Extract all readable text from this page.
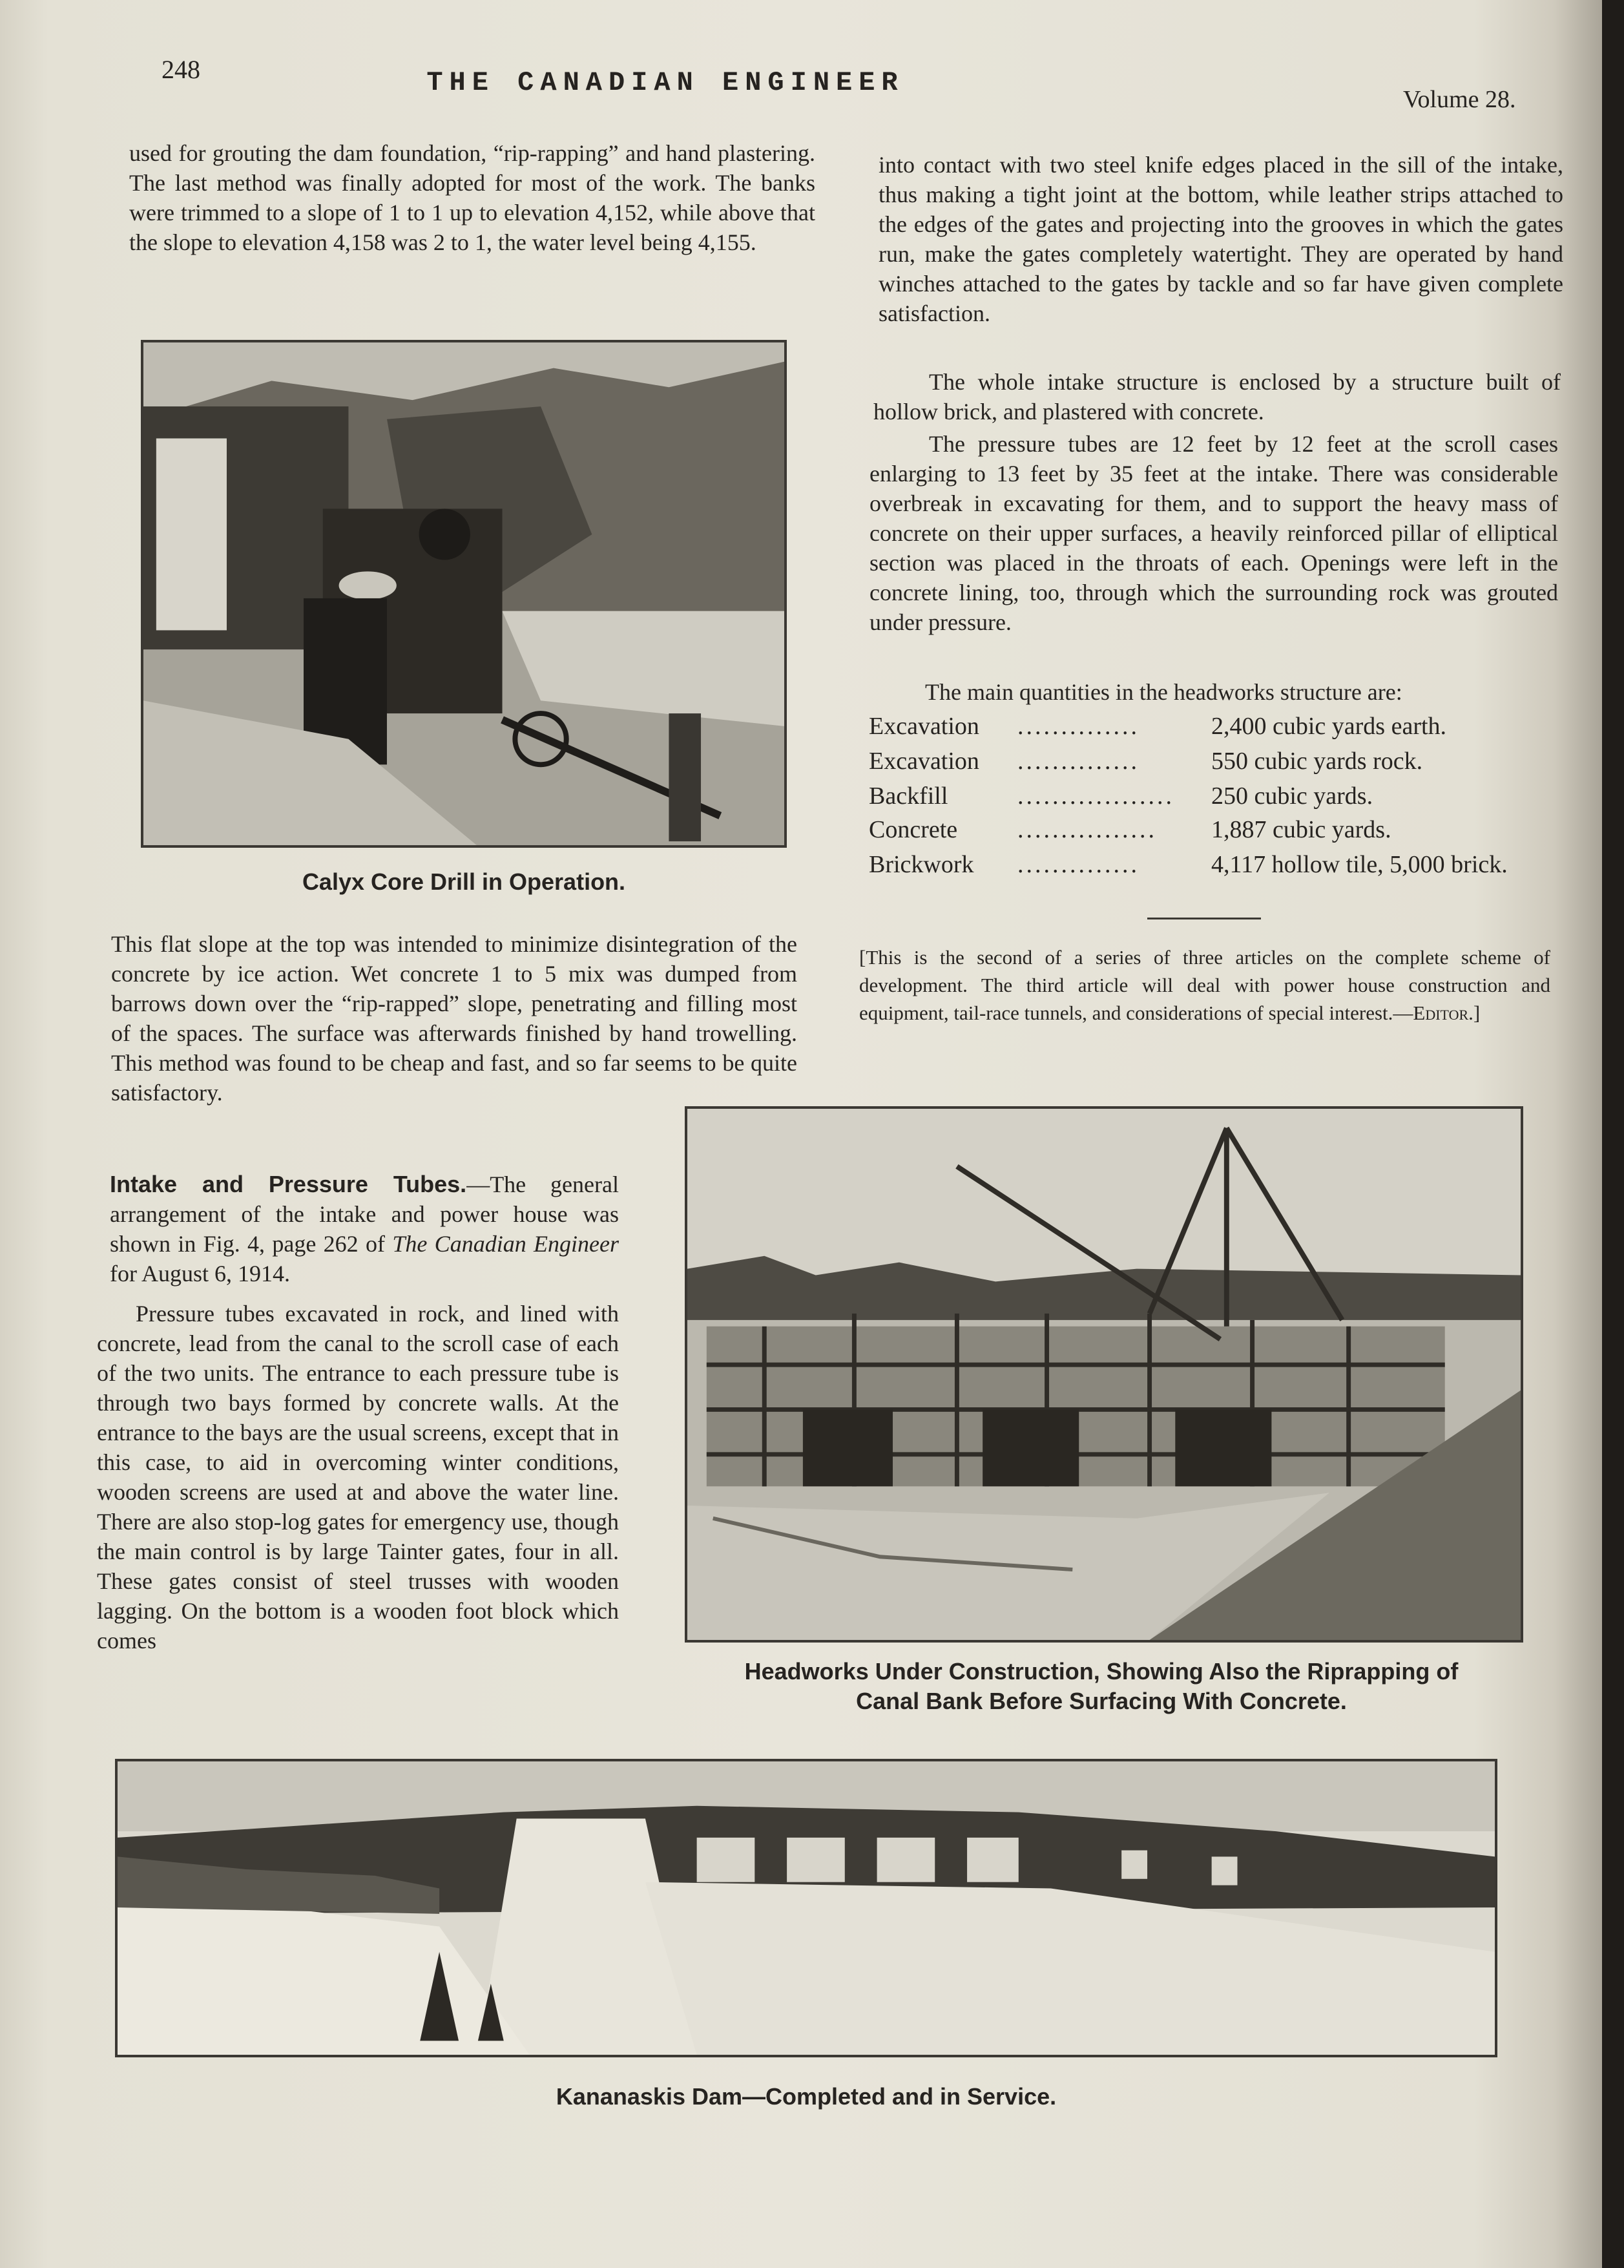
248	THE CANADIAN ENGINEER
Volume 28.

used for grouting the dam foundation, “rip-rapping” and hand plastering. The last method was finally adopted for most of the work. The banks were trimmed to a slope of 1 to 1 up to elevation 4,152, while above that the slope to elevation 4,158 was 2 to 1, the water level being 4,155.

Calyx Core Drill in Operation.

This flat slope at the top was intended to minimize disintegration of the concrete by ice action. Wet concrete 1 to 5 mix was dumped from barrows down over the “rip-rapped” slope, penetrating and filling most of the spaces. The surface was afterwards finished by hand trowelling. This method was found to be cheap and fast, and so far seems to be quite satisfactory.

Intake and Pressure Tubes.—The general arrangement of the intake and power house was shown in Fig. 4, page 262 of The Canadian Engineer for August 6, 1914.

Pressure tubes excavated in rock, and lined with concrete, lead from the canal to the scroll case of each of the two units. The entrance to each pressure tube is through two bays formed by concrete walls. At the entrance to the bays are the usual screens, except that in this case, to aid in overcoming winter conditions, wooden screens are used at and above the water line. There are also stop-log gates for emergency use, though the main control is by large Tainter gates, four in all. These gates consist of steel trusses with wooden lagging. On the bottom is a wooden foot block which comes

into contact with two steel knife edges placed in the sill of the intake, thus making a tight joint at the bottom, while leather strips attached to the edges of the gates and projecting into the grooves in which the gates run, make the gates completely watertight. They are operated by hand winches attached to the gates by tackle and so far have given complete satisfaction.

The whole intake structure is enclosed by a structure built of hollow brick, and plastered with concrete.

The pressure tubes are 12 feet by 12 feet at the scroll cases enlarging to 13 feet by 35 feet at the intake. There was considerable overbreak in excavating for them, and to support the heavy mass of concrete on their upper surfaces, a heavily reinforced pillar of elliptical section was placed in the throats of each. Openings were left in the concrete lining, too, through which the surrounding rock was grouted under pressure.

The main quantities in the headworks structure are:

Excavation	..............	2,400 cubic yards earth.
Excavation	..............	550 cubic yards rock.
Backfill	..................	250 cubic yards.
Concrete	................	1,887 cubic yards.
Brickwork	..............	4,117 hollow tile, 5,000 brick.
[This is the second of a series of three articles on the complete scheme of development. The third article will deal with power house construction and equipment, tail-race tunnels, and considerations of special interest.—Editor.]
Headworks Under Construction, Showing Also the Riprapping of
Canal Bank Before Surfacing With Concrete.
Kananaskis Dam—Completed and in Service.
